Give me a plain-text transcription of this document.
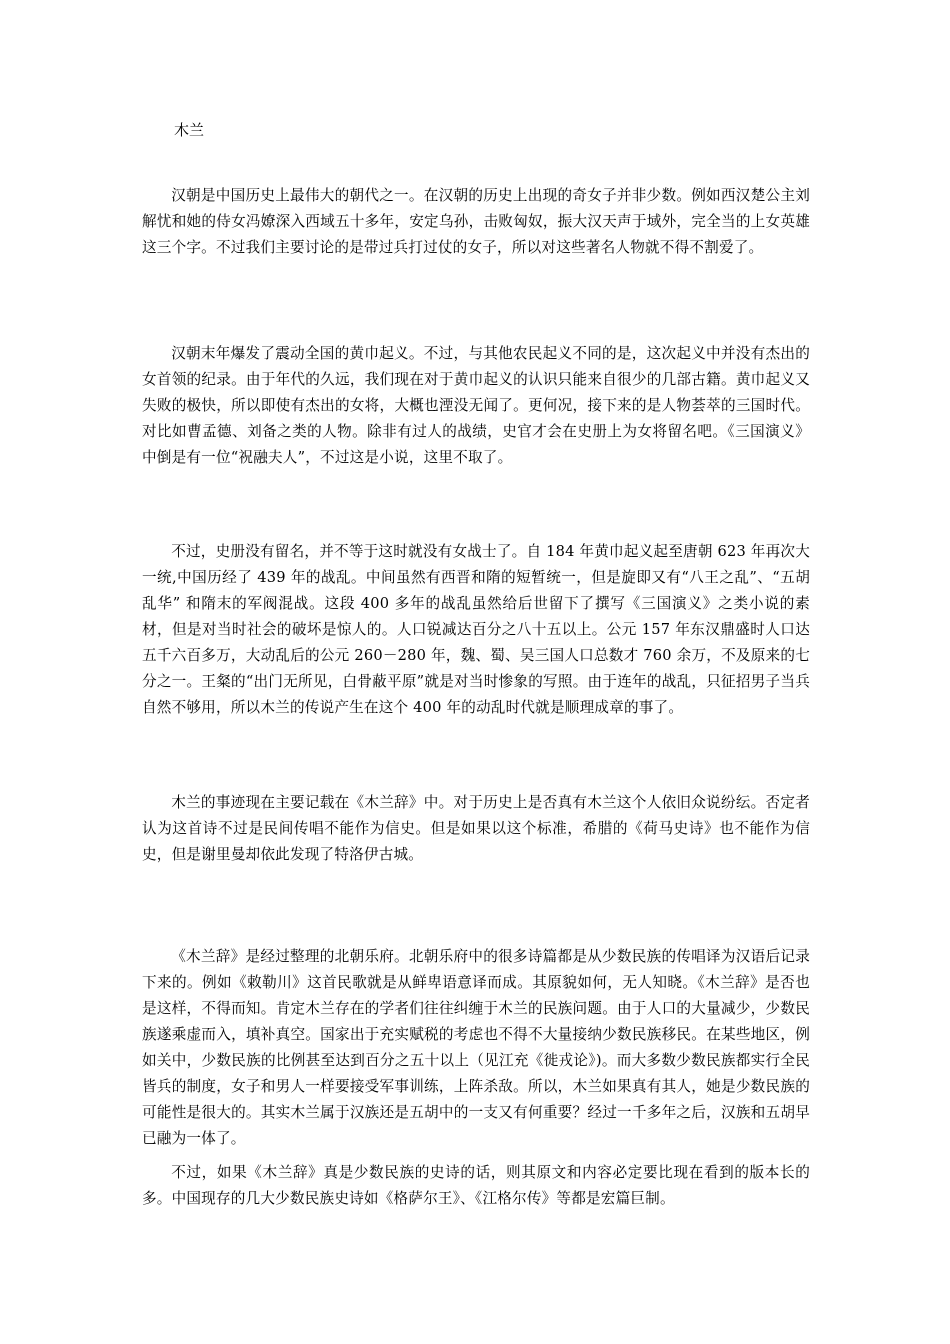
木兰

汉朝是中国历史上最伟大的朝代之一。在汉朝的历史上出现的奇女子并非少数。例如西汉楚公主刘解忧和她的侍女冯嫽深入西域五十多年，安定乌孙，击败匈奴，振大汉天声于域外，完全当的上女英雄这三个字。不过我们主要讨论的是带过兵打过仗的女子，所以对这些著名人物就不得不割爱了。

汉朝末年爆发了震动全国的黄巾起义。不过，与其他农民起义不同的是，这次起义中并没有杰出的女首领的纪录。由于年代的久远，我们现在对于黄巾起义的认识只能来自很少的几部古籍。黄巾起义又失败的极快，所以即使有杰出的女将，大概也湮没无闻了。更何况，接下来的是人物荟萃的三国时代。对比如曹孟德、刘备之类的人物。除非有过人的战绩，史官才会在史册上为女将留名吧。《三国演义》中倒是有一位“祝融夫人”，不过这是小说，这里不取了。

不过，史册没有留名，并不等于这时就没有女战士了。自 184 年黄巾起义起至唐朝 623 年再次大一统,中国历经了 439 年的战乱。中间虽然有西晋和隋的短暂统一，但是旋即又有“八王之乱”、“五胡乱华” 和隋末的军阀混战。这段 400 多年的战乱虽然给后世留下了撰写《三国演义》之类小说的素材，但是对当时社会的破坏是惊人的。人口锐减达百分之八十五以上。公元 157 年东汉鼎盛时人口达五千六百多万，大动乱后的公元 260－280 年，魏、蜀、吴三国人口总数才 760 余万，不及原来的七分之一。王粲的“出门无所见，白骨蔽平原”就是对当时惨象的写照。由于连年的战乱，只征招男子当兵自然不够用，所以木兰的传说产生在这个 400 年的动乱时代就是顺理成章的事了。

木兰的事迹现在主要记载在《木兰辞》中。对于历史上是否真有木兰这个人依旧众说纷纭。否定者认为这首诗不过是民间传唱不能作为信史。但是如果以这个标准，希腊的《荷马史诗》也不能作为信史，但是谢里曼却依此发现了特洛伊古城。

《木兰辞》是经过整理的北朝乐府。北朝乐府中的很多诗篇都是从少数民族的传唱译为汉语后记录下来的。例如《敕勒川》这首民歌就是从鲜卑语意译而成。其原貌如何，无人知晓。《木兰辞》是否也是这样，不得而知。肯定木兰存在的学者们往往纠缠于木兰的民族问题。由于人口的大量减少，少数民族遂乘虚而入，填补真空。国家出于充实赋税的考虑也不得不大量接纳少数民族移民。在某些地区，例如关中，少数民族的比例甚至达到百分之五十以上（见江充《徙戎论》)。而大多数少数民族都实行全民皆兵的制度，女子和男人一样要接受军事训练，上阵杀敌。所以，木兰如果真有其人，她是少数民族的可能性是很大的。其实木兰属于汉族还是五胡中的一支又有何重要？经过一千多年之后，汉族和五胡早已融为一体了。

不过，如果《木兰辞》真是少数民族的史诗的话，则其原文和内容必定要比现在看到的版本长的多。中国现存的几大少数民族史诗如《格萨尔王》、《江格尔传》等都是宏篇巨制。
